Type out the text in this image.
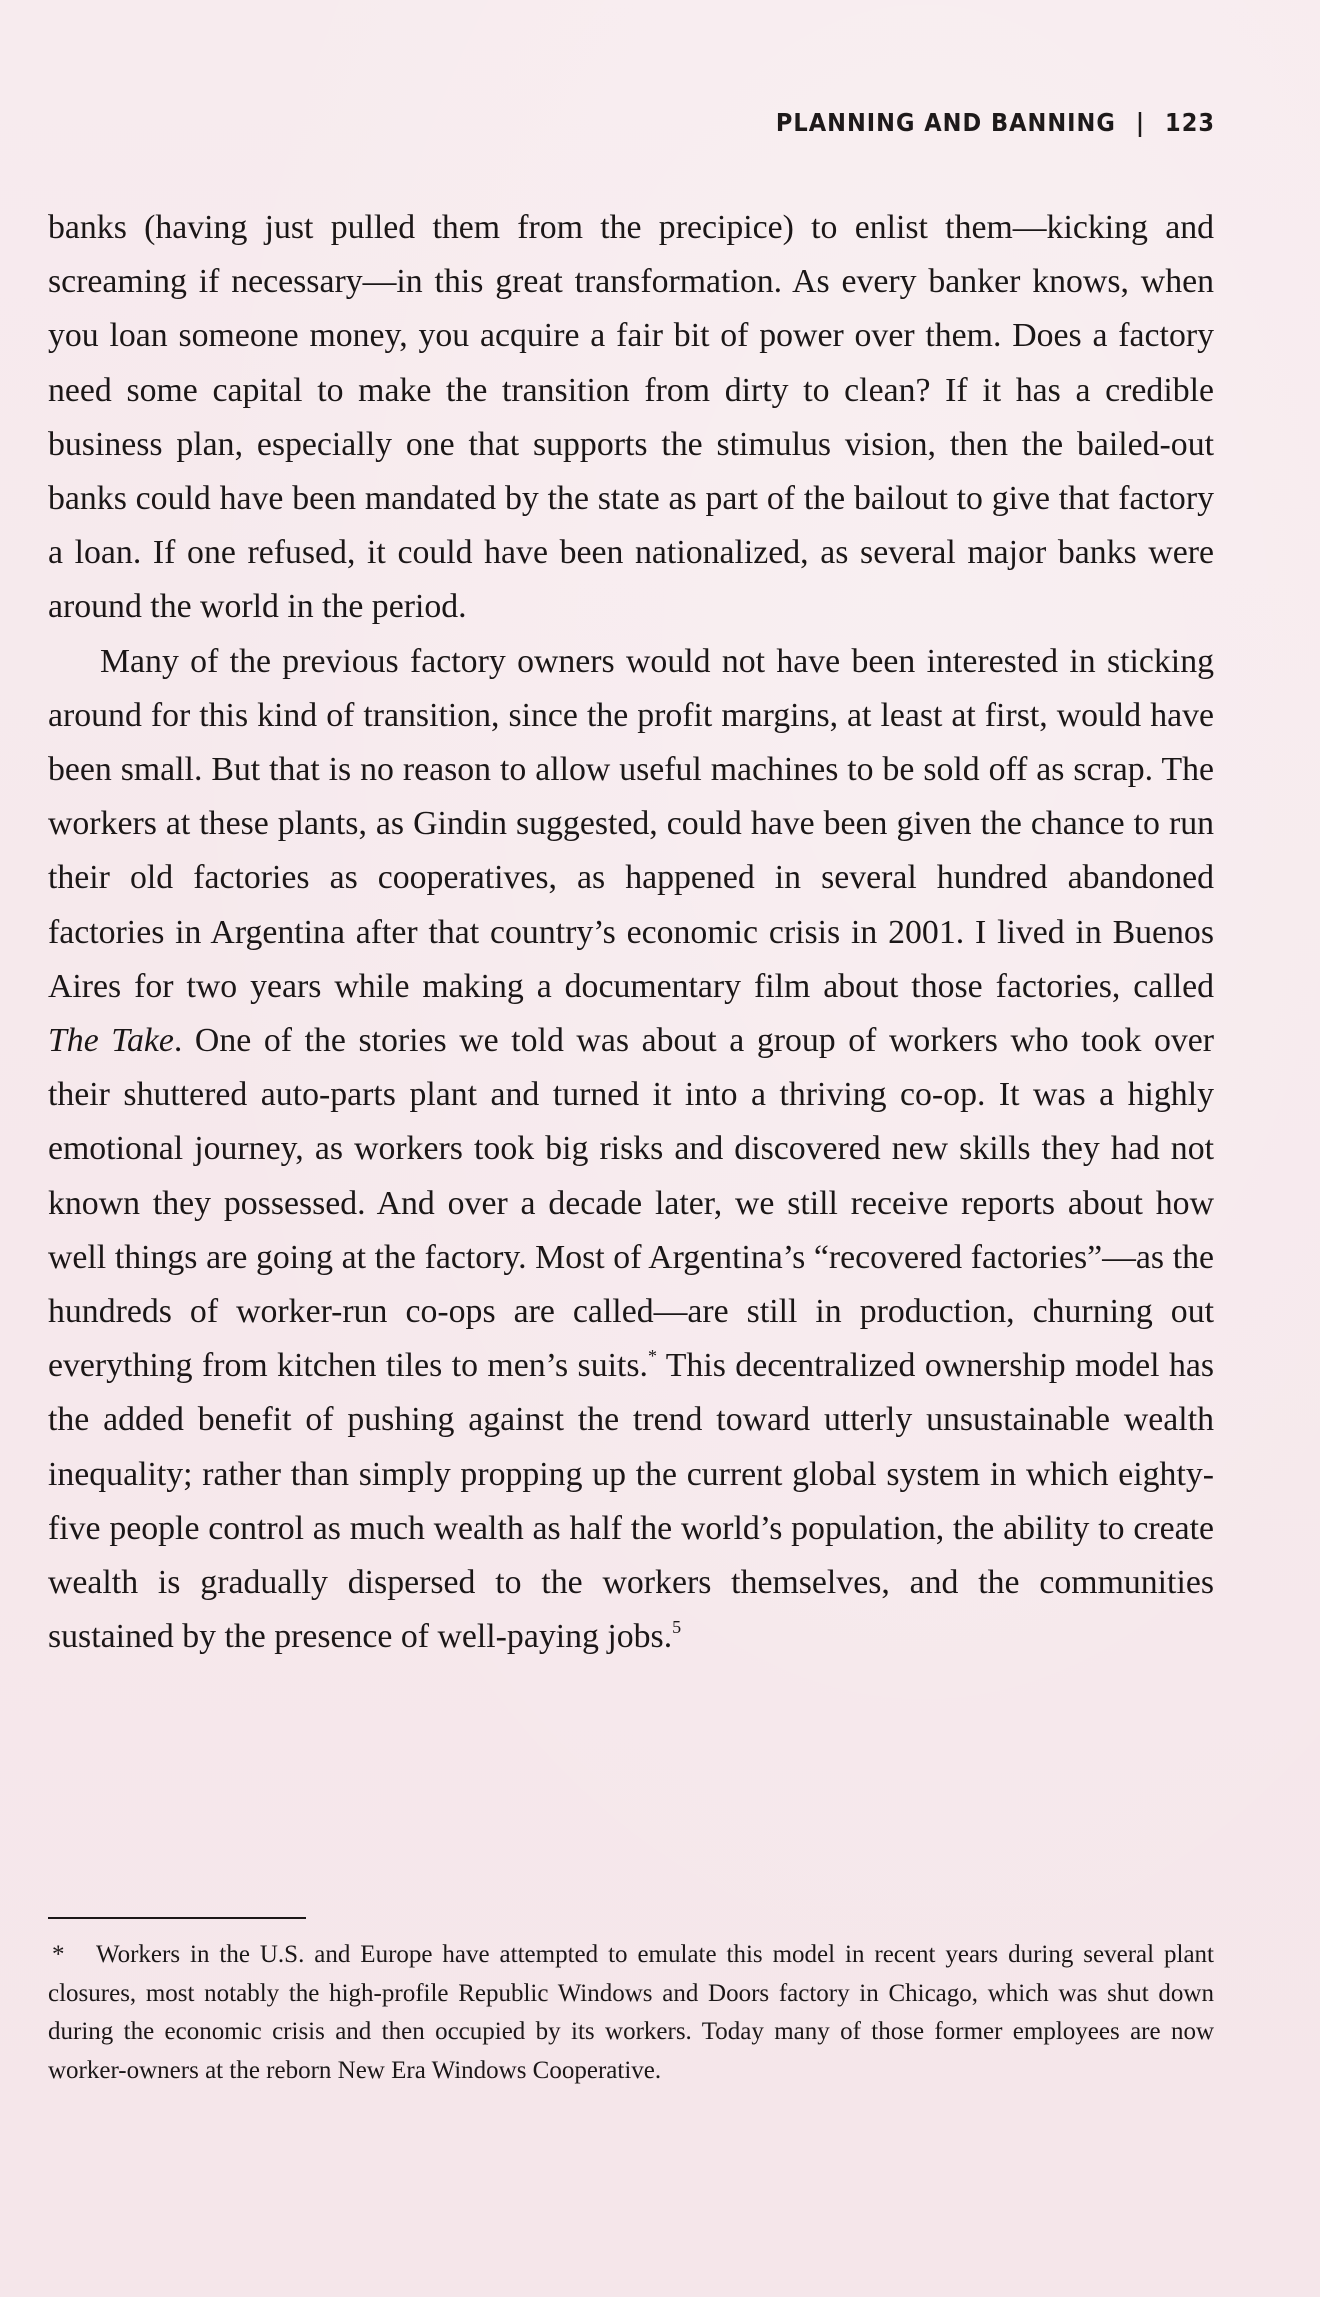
PLANNING AND BANNING | 123

banks (having just pulled them from the precipice) to enlist them—kicking and screaming if necessary—in this great transformation. As every banker knows, when you loan someone money, you acquire a fair bit of power over them. Does a factory need some capital to make the transition from dirty to clean? If it has a credible business plan, especially one that supports the stimulus vision, then the bailed-out banks could have been mandated by the state as part of the bailout to give that factory a loan. If one refused, it could have been nationalized, as several major banks were around the world in the period.

Many of the previous factory owners would not have been interested in sticking around for this kind of transition, since the profit margins, at least at first, would have been small. But that is no reason to allow useful machines to be sold off as scrap. The workers at these plants, as Gindin suggested, could have been given the chance to run their old factories as cooperatives, as happened in several hundred abandoned factories in Argentina after that country’s economic crisis in 2001. I lived in Buenos Aires for two years while making a documentary film about those factories, called The Take. One of the stories we told was about a group of workers who took over their shuttered auto-parts plant and turned it into a thriving co-op. It was a highly emotional journey, as workers took big risks and discovered new skills they had not known they possessed. And over a decade later, we still receive reports about how well things are going at the factory. Most of Argentina’s “recovered factories”—as the hundreds of worker-run co-ops are called—are still in production, churning out everything from kitchen tiles to men’s suits.* This decentralized ownership model has the added benefit of pushing against the trend toward utterly unsustainable wealth inequality; rather than simply propping up the current global system in which eighty-five people control as much wealth as half the world’s population, the ability to create wealth is gradually dispersed to the workers themselves, and the communities sustained by the presence of well-paying jobs.$^5$

* Workers in the U.S. and Europe have attempted to emulate this model in recent years during several plant closures, most notably the high-profile Republic Windows and Doors factory in Chicago, which was shut down during the economic crisis and then occupied by its workers. Today many of those former employees are now worker-owners at the reborn New Era Windows Cooperative.
